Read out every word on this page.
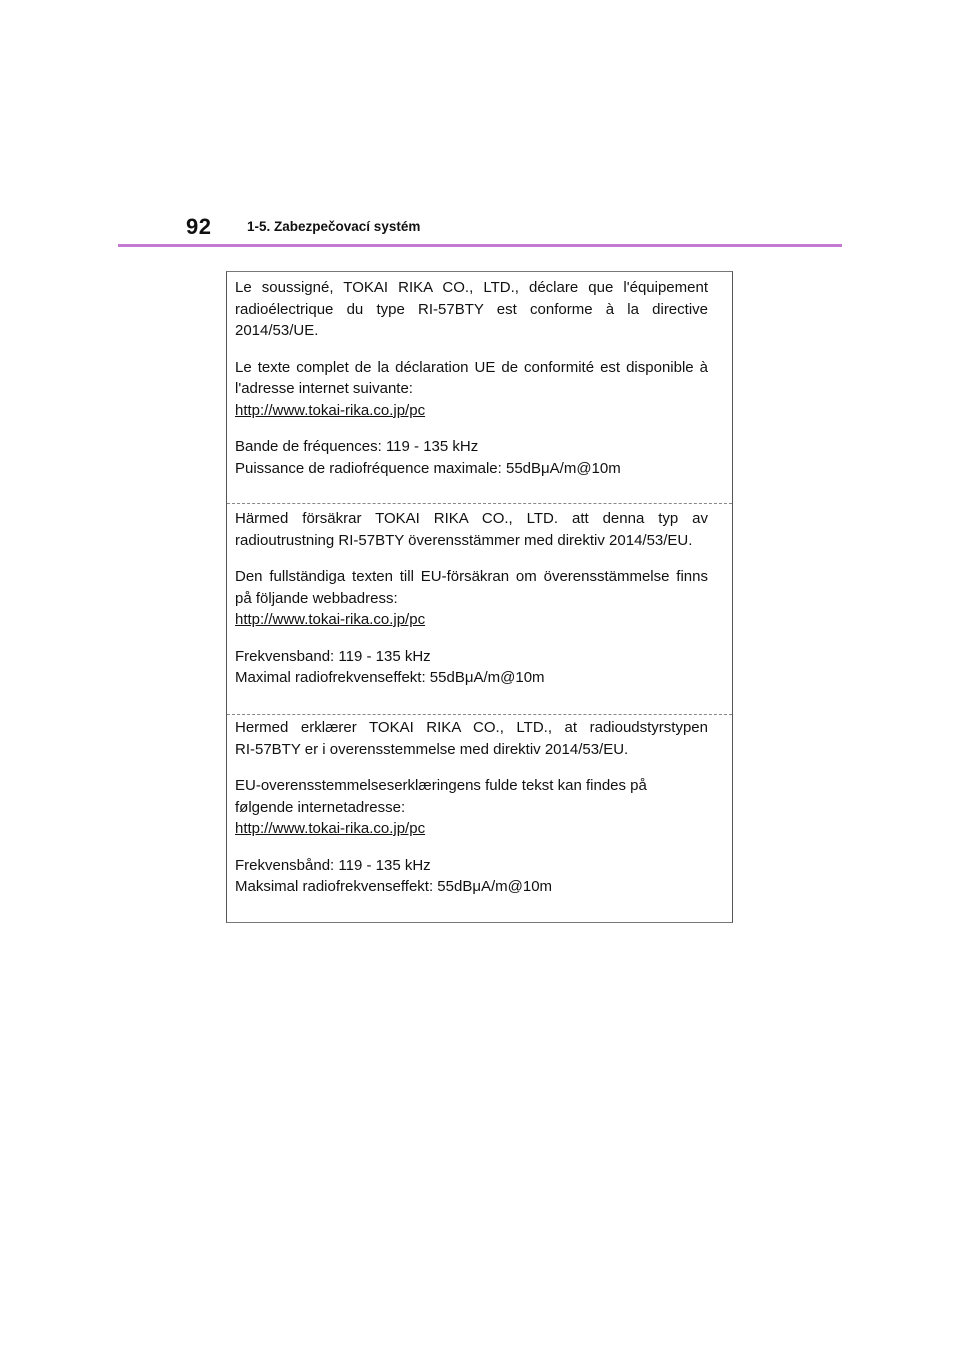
92	1-5. Zabezpečovací systém
Le soussigné, TOKAI RIKA CO., LTD., déclare que l'équipement
radioélectrique du type RI-57BTY est conforme à la directive
2014/53/UE.
Le texte complet de la déclaration UE de conformité est disponible à
l'adresse internet suivante:
http://www.tokai-rika.co.jp/pc
Bande de fréquences: 119 - 135 kHz
Puissance de radiofréquence maximale: 55dBμA/m@10m
Härmed försäkrar TOKAI RIKA CO., LTD. att denna typ av
radioutrustning RI-57BTY överensstämmer med direktiv 2014/53/EU.
Den fullständiga texten till EU-försäkran om överensstämmelse finns
på följande webbadress:
http://www.tokai-rika.co.jp/pc
Frekvensband: 119 - 135 kHz
Maximal radiofrekvenseffekt: 55dBμA/m@10m
Hermed erklærer TOKAI RIKA CO., LTD., at radioudstyrstypen
RI-57BTY er i overensstemmelse med direktiv 2014/53/EU.
EU-overensstemmelseserklæringens fulde tekst kan findes på
følgende internetadresse:
http://www.tokai-rika.co.jp/pc
Frekvensbånd: 119 - 135 kHz
Maksimal radiofrekvenseffekt: 55dBμA/m@10m
